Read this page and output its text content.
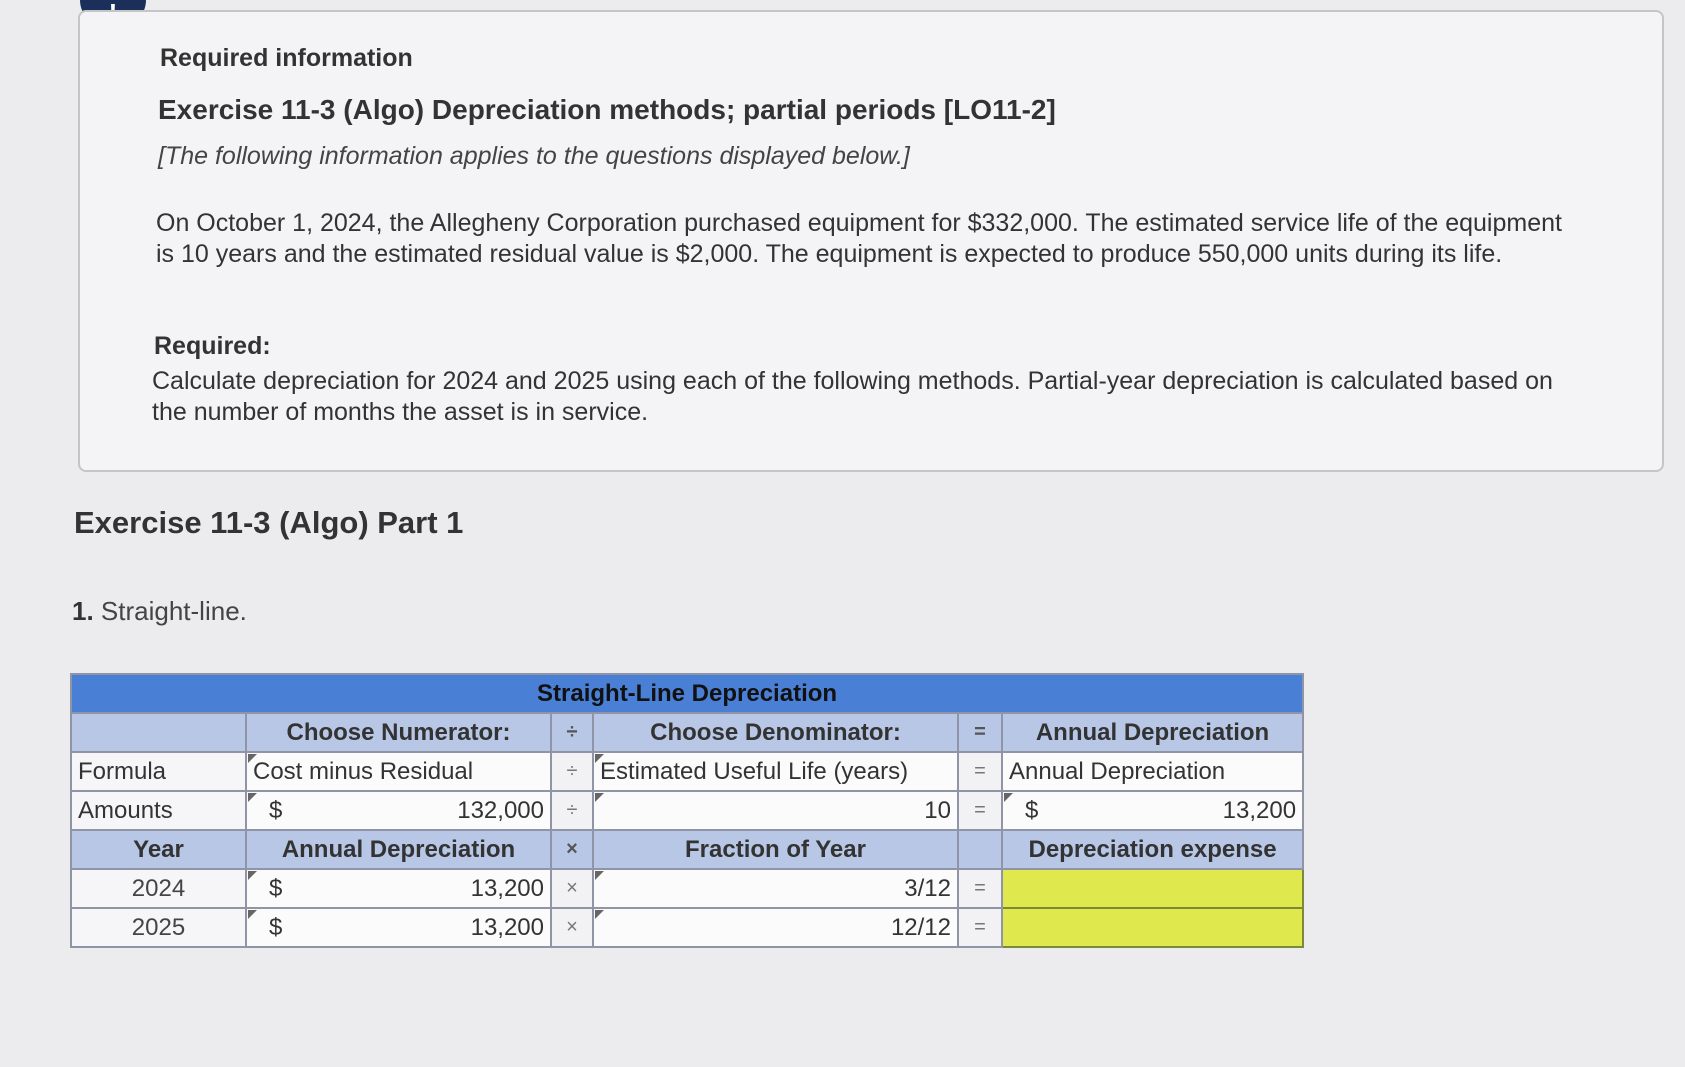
Required information
Exercise 11-3 (Algo) Depreciation methods; partial periods [LO11-2]
[The following information applies to the questions displayed below.]
On October 1, 2024, the Allegheny Corporation purchased equipment for $332,000. The estimated service life of the equipment is 10 years and the estimated residual value is $2,000. The equipment is expected to produce 550,000 units during its life.
Required:
Calculate depreciation for 2024 and 2025 using each of the following methods. Partial-year depreciation is calculated based on the number of months the asset is in service.
Exercise 11-3 (Algo) Part 1
1. Straight-line.
Straight-Line Depreciation					
	Choose Numerator:	÷	Choose Denominator:	=	Annual Depreciation
Formula	Cost minus Residual	÷	Estimated Useful Life (years)	=	Annual Depreciation
Amounts	$ 132,000	÷	10	=	$ 13,200

Year	Annual Depreciation	×	Fraction of Year		Depreciation expense
2024	$ 13,200	×	3/12	=	
2025	$ 13,200	×	12/12	=	
